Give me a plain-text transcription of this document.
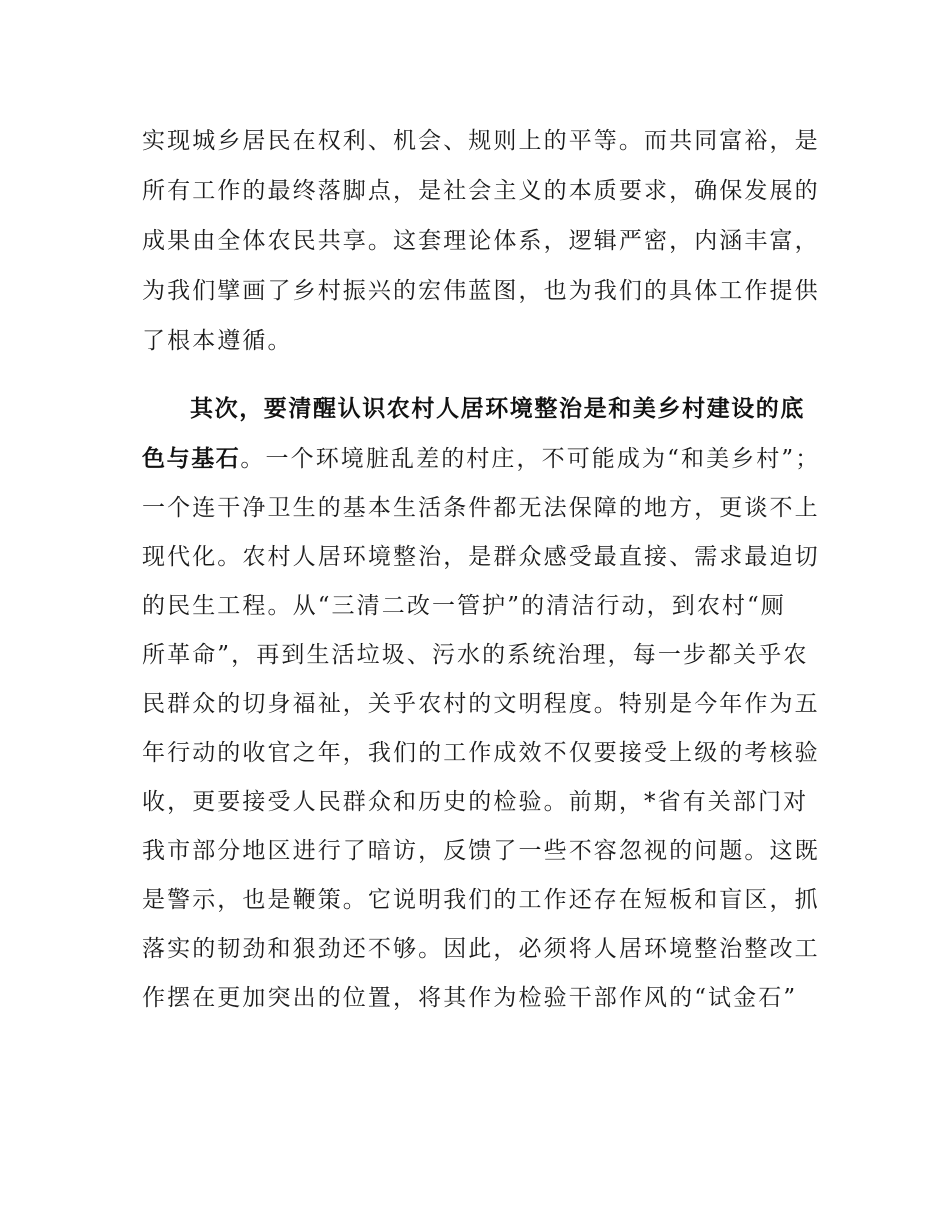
实现城乡居民在权利、机会、规则上的平等。而共同富裕，是
所有工作的最终落脚点，是社会主义的本质要求，确保发展的
成果由全体农民共享。这套理论体系，逻辑严密，内涵丰富，
为我们擘画了乡村振兴的宏伟蓝图，也为我们的具体工作提供
了根本遵循。
其次，要清醒认识农村人居环境整治是和美乡村建设的底
色与基石。一个环境脏乱差的村庄，不可能成为“和美乡村”；
一个连干净卫生的基本生活条件都无法保障的地方，更谈不上
现代化。农村人居环境整治，是群众感受最直接、需求最迫切
的民生工程。从“三清二改一管护”的清洁行动，到农村“厕
所革命”，再到生活垃圾、污水的系统治理，每一步都关乎农
民群众的切身福祉，关乎农村的文明程度。特别是今年作为五
年行动的收官之年，我们的工作成效不仅要接受上级的考核验
收，更要接受人民群众和历史的检验。前期，*省有关部门对
我市部分地区进行了暗访，反馈了一些不容忽视的问题。这既
是警示，也是鞭策。它说明我们的工作还存在短板和盲区，抓
落实的韧劲和狠劲还不够。因此，必须将人居环境整治整改工
作摆在更加突出的位置，将其作为检验干部作风的“试金石”
